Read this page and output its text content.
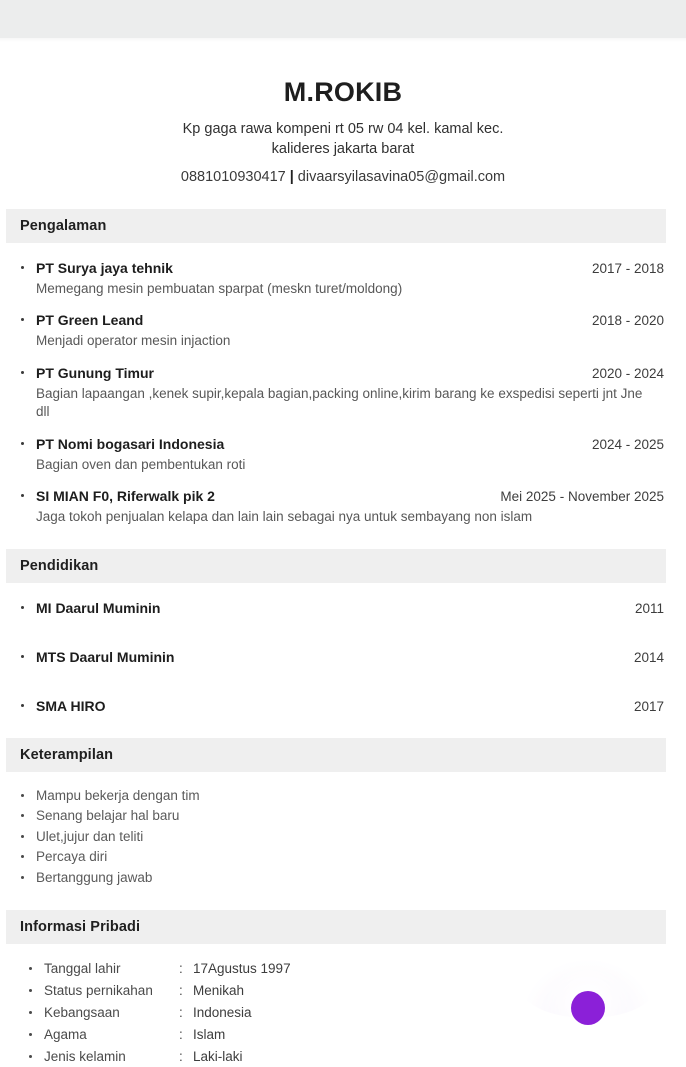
M.ROKIB
Kp gaga rawa kompeni rt 05 rw 04 kel. kamal kec.
kalideres jakarta barat
0881010930417 | divaarsyilasavina05@gmail.com
Pengalaman
PT Surya jaya tehnik	2017 - 2018
Memegang mesin pembuatan sparpat (meskn turet/moldong)
PT Green Leand	2018 - 2020
Menjadi operator mesin injaction
PT Gunung Timur	2020 - 2024
Bagian lapaangan ,kenek supir,kepala bagian,packing online,kirim barang ke exspedisi seperti jnt Jne dll
PT Nomi bogasari Indonesia	2024 - 2025
Bagian oven dan pembentukan roti
SI MIAN F0, Riferwalk pik 2	Mei 2025 - November 2025
Jaga tokoh penjualan kelapa dan lain lain sebagai nya untuk sembayang non islam
Pendidikan
MI Daarul Muminin	2011
MTS Daarul Muminin	2014
SMA HIRO	2017
Keterampilan
Mampu bekerja dengan tim
Senang belajar hal baru
Ulet,jujur dan teliti
Percaya diri
Bertanggung jawab
Informasi Pribadi
Tanggal lahir	: 17Agustus 1997
Status pernikahan	: Menikah
Kebangsaan	: Indonesia
Agama	: Islam
Jenis kelamin	: Laki-laki
